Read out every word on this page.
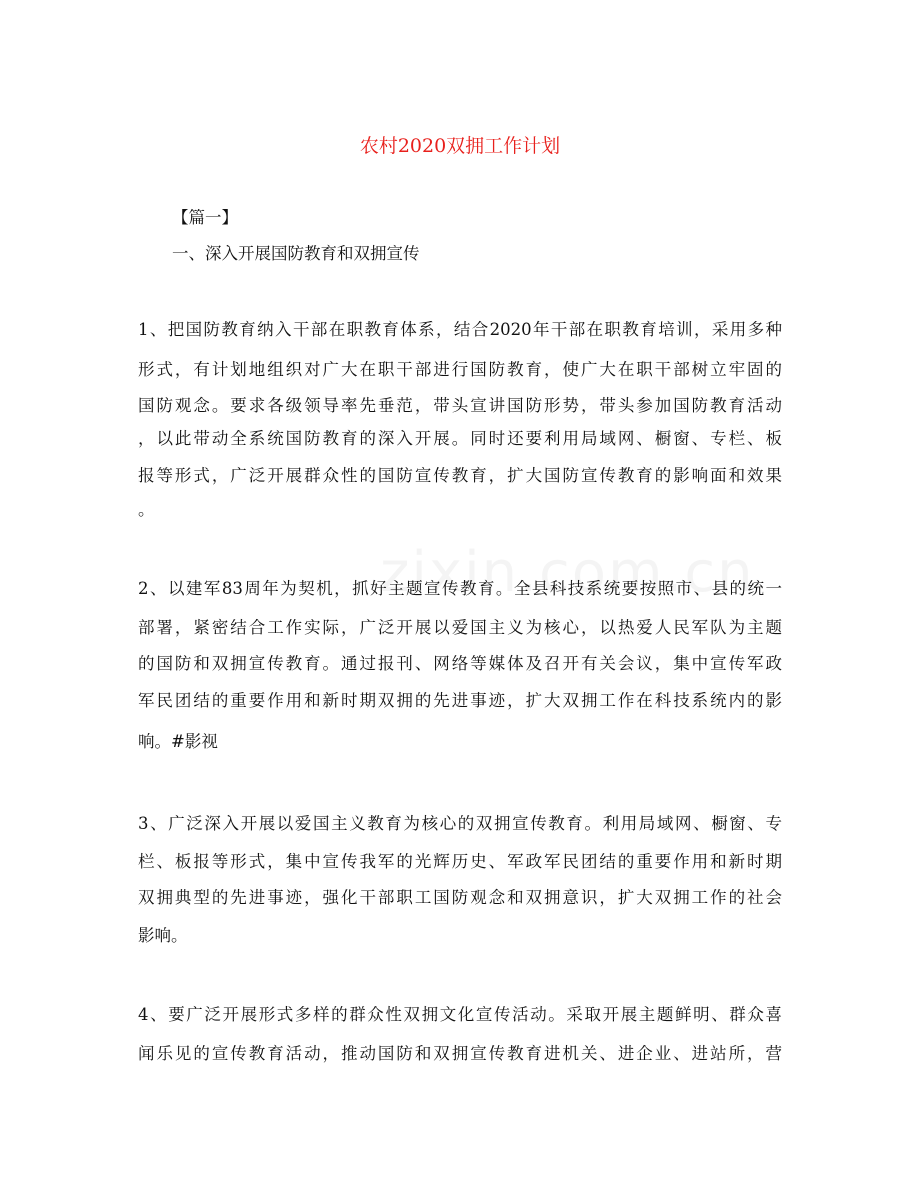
农村2020双拥工作计划
【篇一】
一、深入开展国防教育和双拥宣传
1、把国防教育纳入干部在职教育体系，结合2020年干部在职教育培训，采用多种
形式，有计划地组织对广大在职干部进行国防教育，使广大在职干部树立牢固的
国防观念。要求各级领导率先垂范，带头宣讲国防形势，带头参加国防教育活动
，以此带动全系统国防教育的深入开展。同时还要利用局域网、橱窗、专栏、板
报等形式，广泛开展群众性的国防宣传教育，扩大国防宣传教育的影响面和效果
。
2、以建军83周年为契机，抓好主题宣传教育。全县科技系统要按照市、县的统一
部署，紧密结合工作实际，广泛开展以爱国主义为核心，以热爱人民军队为主题
的国防和双拥宣传教育。通过报刊、网络等媒体及召开有关会议，集中宣传军政
军民团结的重要作用和新时期双拥的先进事迹，扩大双拥工作在科技系统内的影
响。#影视
3、广泛深入开展以爱国主义教育为核心的双拥宣传教育。利用局域网、橱窗、专
栏、板报等形式，集中宣传我军的光辉历史、军政军民团结的重要作用和新时期
双拥典型的先进事迹，强化干部职工国防观念和双拥意识，扩大双拥工作的社会
影响。
4、要广泛开展形式多样的群众性双拥文化宣传活动。采取开展主题鲜明、群众喜
闻乐见的宣传教育活动，推动国防和双拥宣传教育进机关、进企业、进站所，营
